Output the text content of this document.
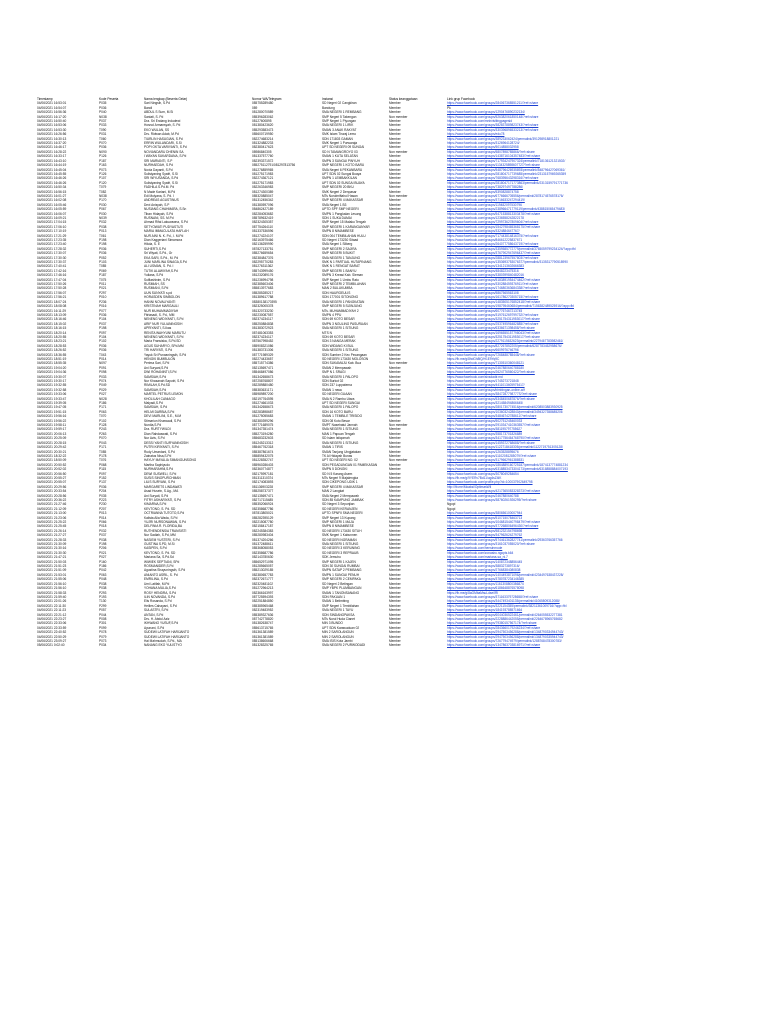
Timestamp	Kode Peserta	Nama lengkap (Beserta Gelar)	Nomor WA/Telegram	Instansi	Status keanggotaan Link grup Facebook
04/06/2021 16:53:01	P035	Sari Ningsih, S.Pd	085755289480	SD Negeri 02 Cangkiran	Member https://www.facebook.com/groups/284067368551211/?ref=share
04/06/2021 16:54:07	P036	Bandi	089	Bandung	Member Pk
04/06/2021 16:56:36	P040	ABDUL S Sum, M.Si	081280070589	SMA NEGERI 1 REMBANG	Member https://www.facebook.com/groups/1290476890232134/
04/06/2021 16:17:20	N038	Saniati, S. Pd	085396283062	SMP Negeri 5 Takengon	Non member https://www.facebook.com/groups/526382061850148/?ref=share
04/06/2021 16:50:40	P037	Dra. Sri Endang Indudewi	08127600895	SMP Negeri 1 Piyungan	Member https://www.facebook.com/mnhvisitingpagesid
04/06/2021 16:53:06	P033	Hosnol Armansyah, S. Pd	081380423620	SMA NEGERI 1 LIRIK	Member https://www.facebook.com/groups/382837889823743/?ref=share
04/06/2021 16:53:30	T090	EKO WULAN, SS	085293583473	SMAN 3 ANAK RAKYAT	Member https://www.facebook.com/groups/330396896533213/?ref=share
04/06/2021 16:26:56	P031	Drs. Ridwan Adab, M.Pd	085600719950	SMK Islam Tiruraj Lemo	Member https://www.facebook.com/groups/edu78
04/06/2021 16:30:13	T060	TIURLIN HASUGIAN, S.Pd	082274683214	SDN 171803 GAMAN	Member https://www.facebook.com/groups/389233062424/permalink/391298918801221
04/06/2021 16:37:20	P070	ERRIN WULANDARI, S.Si	081324882233	SMK Negeri 1 Purwaraja	Member https://www.facebook.com/groups/3126964128724/
04/06/2021 16:46:17	P036	POPI OKTA VARIYANTI, S.Pd	082380417623	UPT SD NEGERI 09 SUNGAI	Member https://www.facebook.com/groups/5014858032958
04/06/2021 16:28:22	N090	NOVIANDARU DHENIN SA	08986840305	SD N TAMANGROYO 03	Non member https://www.facebook.com/groups/5807898785866/?ref=share
04/06/2021 16:33:17	P126	I WAYAN SUKARDANA, S.Pd	081337577760	SMAN 1 KUTA SELATAN	Member https://www.facebook.com/groups/1438716104357483/?ref=share
04/06/2021 16:43:10	P187	SRI MARIANTI, S.P	082393371572	SMPN 3 SUNGAI PINYUH	Member https://www.facebook.com/groups/717934247907324/permalink/718136121321502/
04/06/2021 16:44:19	P163	NURHAEDAH, S.Pd	085275112791/081297813756	SMP NEGERI 1 KOTO BARU	Member https://www.facebook.com/groups/1134325898607727/?ref=share
04/06/2021 16:45:04	P073	Novia Dayanti, S.Pd	081276859965	SMA Negeri 6 PEKANBARU	Member https://www.facebook.com/groups/548796426935893/permalink/548796427069361/
04/06/2021 16:45:55	P126	Sulistyaning Syafri, S.Si	081275171983	UPT SDN 02 Sungai Buaya	Member https://www.facebook.com/groups/281804717739685/permalink/2313157969265359
04/06/2021 16:46:26	P107	SRI WIYUSANDA, S.Pd	082274367121	SMPN 1 LEMBAKKILAN	Member https://www.facebook.com/groups/768395643298316/?ref=share
04/06/2021 16:46:26	P120	Sulistyaning Syafri, S.Si	081275171983	UPT SDN 02 SUNGAI BUAYA	Member https://www.facebook.com/groups/2818047171773863/permalink/2313159791771736
04/06/2021 16:50:34	T079	FADHILA S.Pd.M. Pd	082263346983	SMP NEGERI 20 BKU	Member https://www.facebook.com/groups/738297497788286/
04/06/2021 16:56:15	T082	N Made Kariani, M.Pd	081274300389	SMK Negeri 2 Denpasar	Member https://www.facebook.com/groups/5390828874758
04/06/2021 16:01:27	N038	Edi Mulyana, S. Pd. I	085320885047	MTs Nurulmiftahul Hasan	Non member https://www.facebook.com/groups/6776666705556/permalink/2878174576578176/
04/06/2021 16:02:08	P170	ANDREAS AGUSTINUS	081312456342	SMP NEGERI 4 MAKASSAR	Member https://www.facebook.com/groups/3716633247294419/
04/06/2021 16:05:46	P030	Devi Anisyah, S.P	081380597096	SMA Negeri 1 B3	Member https://www.facebook.com/groups/119482097530796
04/06/2021 16:05:59	P067	NUSIANG CHAHMARA, S.Sn	084862427189	UPTD SPF SMP NEGERI	Member https://www.facebook.com/groups/238966471779119/permalink/438815065479483/
04/06/2021 16:06:07	P030	Tiban Hidayah, S.Pd	082284053682	SMPN 1 Pangkalan Lesung	Member https://www.facebook.com/groups/5471538813303478/?ref=share
04/06/2021 16:09:21	N039	RUSNANI, SS. M.Pd	085789632419	SDN 1 SUKA DAMAI	Member https://www.facebook.com/groups/1236558242822178
04/06/2021 17:04:15	P032	Ahmad Rifai Lakuwawna, S.Pd	082324305357	SMP Negeri 15 Malaku Tengah	Member https://www.facebook.com/groups/729973627809604/?ref=share
04/06/2021 17:06:10	P038	SETYOWATI PUDYASTUTI	087754264110	SMP NEGERI 1 KARANGANYAR	Member https://www.facebook.com/groups/1542798465368175/?ref=share
04/06/2021 17:10:19	P013	MARIA IMMACULATA HAFLAH	081337536596	SMPN 8 NIMAMBESE	Member https://www.facebook.com/groups/3324884647767/
04/06/2021 17:21:29	T061	NUR AINI N. K. Pd., I. M.Pd	081274224107	SDN 004 TEMBILAHAN HULU	Member https://www.facebook.com/groups/717443814816375/?ref=share
04/06/2021 17:23:35	P198	Dian Kaggeriani Simamora	082163975466	SD Negeri 173230 Sitaad	Member https://www.facebook.com/groups/846612225837671
04/06/2021 17:23:40	P198	Hikda, S. E	082136259990	SMA Negeri 1 Silkerg	Member https://www.facebook.com/groups/264077758643719/?ref=share
04/06/2021 17:28:32	P036	SUHERTI,S.Pd	087827133751	SMP NEGERI 2 SAJIRA	Member https://www.facebook.com/groups/3359585772779/permalink/3765059799234124/?app=fbl
04/06/2021 17:30:07	P036	Sri Wiyati, S.Pd., Gr	085276659654	SMP NEGERI 5 BUKIT	Member https://www.facebook.com/groups/3767902947696437/?ref=share
04/06/2021 17:30:30	P052	EKA SARI, S.Pd., M. Pd	082384847376	SMA NEGERI 1 TANJUNG	Member https://www.facebook.com/groups/288123967557803/?ref=share
04/06/2021 17:30:37	P103	JUNI MARLINA SINAGA,S.Pd	082295770283	SMK N 1 PARTUAL HUTAPINANG	Member https://www.facebook.com/groups/1353693753076377/permalink/3135317790518990
04/06/2021 17:40:41	T085	ALI USMAN, S. Pd. I	081276311362	SMK N 1 RENGAT BARAT	Member https://www.facebook.com/groups/1341213602666383
04/06/2021 17:42:16	P069	TUTIK ALAWIYAH,S.Pd	085743999450	SMP NEGERI 1 BANYU	Member https://www.facebook.com/groups/4848223475316
04/06/2021 17:46:16	P187	Yuliana, S.Pd	081232089176	SMPN 3 Kreasi Kab. Sleman	Member https://www.facebook.com/groups/3380399840482016
04/06/2021 17:47:04	T075	Sulfiashinim, S.Pd	081236994798	SMP Negeri 1 Umbu Ratu	Member https://www.facebook.com/groups/5183891954474462/?ref=share
04/06/2021 17:50:26	P011	RUSMIAH, SS	082385603406	SMP NEGERI 2 TEMBILAHAN	Member https://www.facebook.com/groups/330288459376911/?ref=share
04/06/2021 17:50:28	P021	RUSMIANI, S.Pd	085813977683	MAN 2 BULUKUMBA	Member https://www.facebook.com/groups/174680363684338/?ref=share
04/06/2021 17:56:07	P297	UUN SUNYATI s.pd	085285285217	SDN HAURGEULIS	Member https://www.facebook.com/groups/5867565563108
04/06/2021 17:56:21	P010	HORASDEN SIMBOLON	081389617788	SDN 177001 SITONONG	Member https://www.facebook.com/groups/161786270305715/?ref=share
04/06/2021 18:07:24	P236	HANNI NOVALIYANTI	08380138170395	SMA NEGERI 1 PANGKATAN	Member https://www.facebook.com/groups/1483505176852418/?ref=share
04/06/2021 18:08:08	P016	KRISTINAH MARGAULI	082325005378	SMP NEGERI 5 SIJINJUNG	Member https://www.facebook.com/groups/198795460684/permalink/7156382489525916/?app=fbl
03/06/2021 16:11:29	P077	NUR MUHAMMADIYAH	081320733230	MTs. MUHAMMADIYAH 2	Member https://www.facebook.com/groups/607767467213745
04/06/2021 18:13:09	P036	Fitriasadi, S. Pd., MM	082230087557	SMPN 4 PPU	Member https://www.facebook.com/groups/319761269799732/?ref=share
04/06/2021 18:16:46	P104	NENENG WIDIYANTI, S.Pd	082374234117	SDN 69 KOTO BESAR	Member https://www.facebook.com/groups/3251754311953017/?ref=share
04/06/2021 18:15:02	P037	ARIF NUR YULIANINGSIH	085250884838	SMPN 3 NGULING PASURUAN	Member https://www.facebook.com/groups/253749596482885/?ref=share
04/06/2021 18:16:15	P198	APRIYANTI, S.Ikas	081383072923	SMA NEGERI 1 SITIUNG	Member https://www.facebook.com/groups/6336671398458/?ref=share
04/06/2021 18:20:14	P097	RENITA WAHYUNI MARUTU	087481063353	MTS N	Member https://www.facebook.com/groups/1696555157798043/?ref=share
04/06/2021 18:20:55	P104	NENENG WIDIYANTI, S.Pd	082374234117	SDN 69 KOTO BESAR	Member https://www.facebook.com/groups/3251754311953017/?ref=share
04/06/2021 18:23:21	P102	Maria Fransiska, S.Pd.SD	087567998452	SDN 3 NANGA MERAK	Member https://www.facebook.com/groups/2279115632623/permalink/2279467783982461/
04/06/2021 18:28:53	P036	AGUS SUHARYO, SPd.MM	085908321086	SDN WIDANG KI BUL	Member https://www.facebook.com/groups/827267852205/permalink/6287783452958676/
04/06/2021 18:26:52	P036	TRI HARYATI, S.Pd	081383731306	SMA NEGERI 1 SITIUNG	Member https://www.facebook.com/groups/6609976746796
04/06/2021 18:36:55	T043	Yayuk Sri Purwaningsih, S.Pd	087771989329	SDN Sumber 2 Kec Pecangaan	Member https://www.facebook.com/groups/7268488785448/?ref=share
04/06/2021 18:51:19	P014	HENGKI BUMBULON	082274433657	SD NEGERI 173430 MOLOSON	Member https://fb.me/g/8hdGh8fQ/H1E9Yq9C
04/06/2021 18:55:35	N097	Perima Sari, S.Pd	085715774386	SDN SUKAMAJU Kab. Bua	Non member https://www.facebook.com/groups/7130510360048121
04/06/2021 19:04:20	P091	Ani Suryani,S.Pd	082135697471	SMAN 2 Mempawah	Member https://www.facebook.com/groups/2467880640788180
03/06/2021 19:04:36	P098	DWI ROHANINTI,S.Pd	085468497086	SMP N 1 SRAGI	Member https://www.facebook.com/groups/2624776560422/?ref=share
04/06/2021 19:30:07	P033	SAMSIAH,S.Pd	081342658673	SMA NEGERI 1 PALOPO	Member https://www.facebook.com/sivsdadir.md
04/06/2021 19:30:17	P074	Nur Khasanah Saputri, S.Pd	087258768807	SDN Burkot 02	Member https://www.facebook.com/groups/1745273721848
04/06/2021 19:32:55	P049	RIMILAH,S.Pd.SD	082289880480	SDN 237 Luppaterna	Member https://www.facebook.com/groups/4411013405975417/
04/06/2021 19:32:58	P029	SAMSIAH,S.Pd	085383631171	SMAN 1 rawa	Member https://www.facebook.com/groups/bimbingan-online-wlf
04/06/2021 19:33:06	P027	MARTEL PETRUS LEMON	085989897200	SD NEGERI GUAAN	Member https://www.facebook.com/groups/3847287798777S/?ref=share
04/06/2021 19:33:47	N028	KHOLILAH CANIAGO	082197764595	SMA N 2 Rambu Utara	Member https://www.facebook.com/groups/5348450687876/?ref=share
04/06/2021 19:39:05	P186	Malyadi,S.Pd	081274661033	UPT SD NEGERI SUNGAI	Member https://www.facebook.com/groups/321458494866645/
04/06/2021 19:47:05	P171	SAMSIAH, S.Pd	081342658673	SMA NEGERI 1 PALOPO	Member https://www.facebook.com/groups/2801730774516/permalink/6208503883930925
04/06/2021 19:51:15	P063	HELMI DARBIA,S.Pd	082283898687	SDN 16 KOTO BARU	Member https://www.facebook.com/groups/1036032428840/permalink/3494327358685206
04/06/2021 19:56:16	T070	DEVI MARLINI, S.E., M.M	081275055683	SMAN 1 TEMBILE TRISIDO	Member https://www.facebook.com/groups/34846742788611/?ref=share
04/06/2021 19:56:22	P102	Stimariun Khaswadi, S.Pd	082380399296	SDN 08 Koto Besar	Member https://www.facebook.com/groups/502751245460033
04/06/2021 19:58:11	P128	Nurdia,S.Pd	087771689075	SMPT Nasehatul Jannah	Non member https://www.facebook.com/groups/2910347410363557/?ref=share
04/06/2021 19:59:17	P243	Dra. RURTYWILDI	081347351474	SMA NEGERI 1 SITIUNG	Member https://www.facebook.com/groups/381195797755627
04/06/2021 20:06:13	P263	Dian Rahdaswati, S.Pd	085273194280	MAN 1 Papuan Tengah	Member https://www.facebook.com/groups/358173701826889
04/06/2021 20:25:09	P070	Nur Azis, S.Pd	085683232603	SD Islam Istiqomah	Member https://www.facebook.com/groups/3417756464768790/?ref=share
04/06/2021 20:28:15	P043	DESSI YANTI SURYANINGSIH	081245213312	SMA NEGERI 1 SITIUNG	Member https://www.facebook.com/groups/1459372768688/?ref=share
04/06/2021 20:29:42	P171	PUTRI KIRIYANTI, S.Pd	085467762318	SMAN 1 TIRIS	Member https://www.facebook.com/groups/1122718418305/permalink/1122719751305128/
04/06/2021 20:30:21	T085	Rudy Umardani, S.Pd	085387861674	SMAN Tanjung Uingjatakan	Member https://www.facebook.com/groups/1263528895676
04/06/2021 18:32:22	P178	Zainatus Nisa,S.Pd	085859432075	TK Al Hidayah Bunas	Member https://www.facebook.com/groups/11102081285079/?ref=share
04/06/2021 18:50:09	T076	HAYUY MAYALIA SIMANGUNSONG	081228352747	UPT SD NEGERI NO. 02	Non member https://www.facebook.com/groups/3179662961388531
04/06/2021 20:50:52	P068	Martha Saphiyudo	085960286403	SDN PEGADUNGAN 01 PAMEKASAN	Member https://www.facebook.com/groups/1864889160725187/permalink/1874137774881234
04/06/2021 20:52:02	P115	NURHARAHNI,S.Pd	082360774877	SMPN 5 DONGKI	Member https://www.facebook.com/groups/6318853473304173/permalink/6318858884007193
04/06/2021 20:56:50	P097	DEWI SUSWELI, S.Pd	082175997181	SD N 5 Karang Asem	Member https://www.facebook.com/groups/3078049284654
04/06/2021 20:55:27	P152	SUSIS SINOPURCHMAN	081311310374	MTs Negeri 9 Majalengka	Member https://fb.me/g/9YERv7Bd11/ug4sZ4iK
04/06/2021 20:55:07	P137	LILIS SURYANI, S.Pd	082174083893	SDN CIKEPONG UDIK 1	Member https://www.facebook.com/profile.php?id=100037902649798
04/06/2021 20:29:56	P036	MARGARETS LINDAWATI	081136903228	SMP NEGERI 4 MAKASSAR	Member http://fb.me/Moaksi/OptimasWil
04/06/2021 20:33:54	P204	Asad Husein, S.Ag., MA	085258737377	MAN 2 Langkat	Member https://www.facebook.com/groups/4217365083328373/?ref=share
04/06/2021 20:28:56	P035	Ani Suryati, S.Pd	082135697471	SMA Negeri 2 Mempawah	Member https://www.facebook.com/groups/2467880640788
04/06/2021 20:36:22	P223	FITRY ASHARIYATI, S.Pd	082717115485	SDN 85 KAMPUNG JAMBAK	Member https://www.facebook.com/groups/38760261926295/?ref=share
04/06/2021 21:27:46	P230	KIMARNA,S.Pd	085352066924	SD Negeri 3 Sepunjian	Member Ngopi
04/06/2021 21:12:09	P207	KEVTONO, S. Pd. SD	082358687786	SD NEGERI KERANJEN	Member Ngopi
04/06/2021 21:13:00	P013	OCTRIANNA TUTOTO,S.Pd	087813805021	UPTD SPNFII SMA NEGERI	Member https://www.facebook.com/groups/380656100007944
04/06/2021 21:23:06	P014	Kalista Alia Wada, S.Pd	085282395129	SMP Negeri 13 Kupang	Member https://www.facebook.com/groups/510715078463713
04/06/2021 21:25:22	P066	YUJRI NURSONAWAN, S.Pd	082215087780	SMP NEGERI 1 MAJA	Member https://www.facebook.com/groups/1046815440798479/?ref=share
04/06/2021 21:25:45	P018	DELFINIA R. FLORIDA,BA	082158417187	SMPN 8 NIMAMBESE	Member https://www.facebook.com/groups/377268806496430/?ref=share
04/06/2021 21:26:14	P032	RUTHENDENSIA TRANSISTI	082245384383	SD NEGERI 173430 SITUH	Member https://www.facebook.com/groups/581232154798698
04/06/2021 21:27:27	P037	Nur Sadiah, S.Pd, MM	085280983404	SMK Negeri 1 Kabunnen	Member https://www.facebook.com/groups/347962624279762
04/06/2021 21:28:33	P038	NASIEM YUSTERI, S.Pd	081374204266	SD NEGERI NGRAMAN	Member https://www.facebook.com/groups/574461362827741/permalink/29363766357766
04/06/2021 21:30:09	P198	GUSTINA S.PD, M.Si	081372488611	SMA NEGERI 1 SITIUNG	Member https://www.facebook.com/groups/3161037055020/?ref=share
04/06/2021 21:30:16	P206	KASIPEN, S.Pd	085368058053	SD NEGERI 3 KERUNING	Member https://www.facebook.com/hensinmode
04/06/2021 21:30:30	P021	KEVTONO, S. Pd. SD	082358687786	SD NEGERI 3 REPRAUB	Member https://www.facebook.com/zonasiru.ngopis.k64
04/06/2021 21:47:21	P027	Mariana Sa, S.Pd.Sd	082143780630	SDK Jemuhu	Member https://www.facebook.com/mariana-sa_ni.7
04/06/2021 21:50:03	P160	WIWIEK SEPTIANI, SPd	085652971095	SMP NEGERI 1 KAJEN	Member https://www.facebook.com/groups/140872348856445
04/06/2021 21:51:23	P186	ROSMANIDER,S.Pd	081285665057	SDN 30 SUNGAI RUMBAI	Member https://www.facebook.com/groups/3883273897316/
04/06/2021 21:51:09	P042	Agustina Shayuningsih, S.Pd	085213029185	SMPN SATAP 2 PEMBANG	Member https://www.facebook.com/groups/27668384080838
04/06/2021 21:53:01	P063	ANIANTO ASRIL, S. Pd	082380657783	SMPN 1 SUNGAI PENUH	Member https://www.facebook.com/groups/1404493871096/permalink/4234497638437228/
04/06/2021 21:55:06	P048	EMRILINA, S.Pd	082372671777	SMP NEGERI 2 CEMPAKA	Member https://www.facebook.com/groups/3780787234146385
04/06/2021 21:56:10	P038	Umi Latifah, M.Pd	082320481102	SD Negeri 2 Betingan	Member https://www.facebook.com/groups/1161308800386874
04/06/2021 21:56:10	P038	YOHANA MULIA,S.Pd	081272964213	SMP YBPK PLUMBANGAN	Member https://www.facebook.com/groups/6186648876578098
04/06/2021 21:58:33	P293	ROSY HENDRA, S.Pd	082366163997	SMAN 1 TANONSANANG	Member https://fb.me/g/8aGMbaMsuLdse/IRI
04/06/2021 21:59:40	P193	ILIN NOVANDA, S.Pd	087725594393	SDN PAKUAN 1	Member https://www.facebook.com/groups/371163379728658/?ref=share
04/06/2021 22:01:26	T130	Elis Rosanda, S.Pd	082251884850	SMAN 1 Belimbing	Member https://www.facebook.com/groups/3447493401135/permalink/41065809312088/
04/06/2021 22:11:30	P299	Heilies Cahayani, S.Pd	085385965468	SMP Negeri 1 Tembilahan	Member https://www.facebook.com/groups/3221154355/permalink/38211361009716/?app=fbl
04/06/2021 22:11:23	P057	SULASTRI, S.Pd	082319483952	SMA NEGERI 1 TAYU	Member https://www.facebook.com/groups/184193788571664
04/06/2021 22:21:12	P044	ANTAN, S.Pd	085389327636	SDN SINDANGPAKSA	Member https://www.facebook.com/groups/6044036522461/permalink/4264055532277381
04/06/2021 22:23:27	P008	Drs. H. Abdul Aziz	087742778820	MTs Nurul Huda Cianet	Member https://www.facebook.com/groups/2228886442055/permalink/2264678965765682
04/06/2021 22:33:06	P301	IKHWANO YUSUF,S.Pd	081382638747	MIN 3 BUNDO	Member https://www.facebook.com/groups/79380157567174/?ref=share
04/06/2021 22:33:59	P099	Ayunani, S.Pd	085613715765	UPT SDN Karawuduan 02	Member https://www.facebook.com/groups/2843660179246234/?ref=share
04/06/2021 22:40:52	P078	SUDEWI LATIFAH HARIJANTO	081361381589	MIN 2 SAROLANGUN	Member https://www.facebook.com/groups/2947503456288/permalink/1348790334944743/
04/06/2021 22:50:29	P079	SUDEWI LATIFAH HARIJANTO	081361381589	MIN 2 SAROLANGUN	Member https://www.facebook.com/groups/2947503456288/permalink/1348790335944743/
04/06/2021 23:09:27	P073	Hai Mahmudah, S.Pd., MA	085138606668	SMA ISIS Kota Jambi	Member https://www.facebook.com/groups/726779474979/permalink/1288768478300783/
05/06/2021 0:02:40	P034	NANANG EKO YULISTYO	081328325765	SMA NEGERI 2 PURWODADI	Member https://www.facebook.com/groups/1347863703816971/?ref=share
